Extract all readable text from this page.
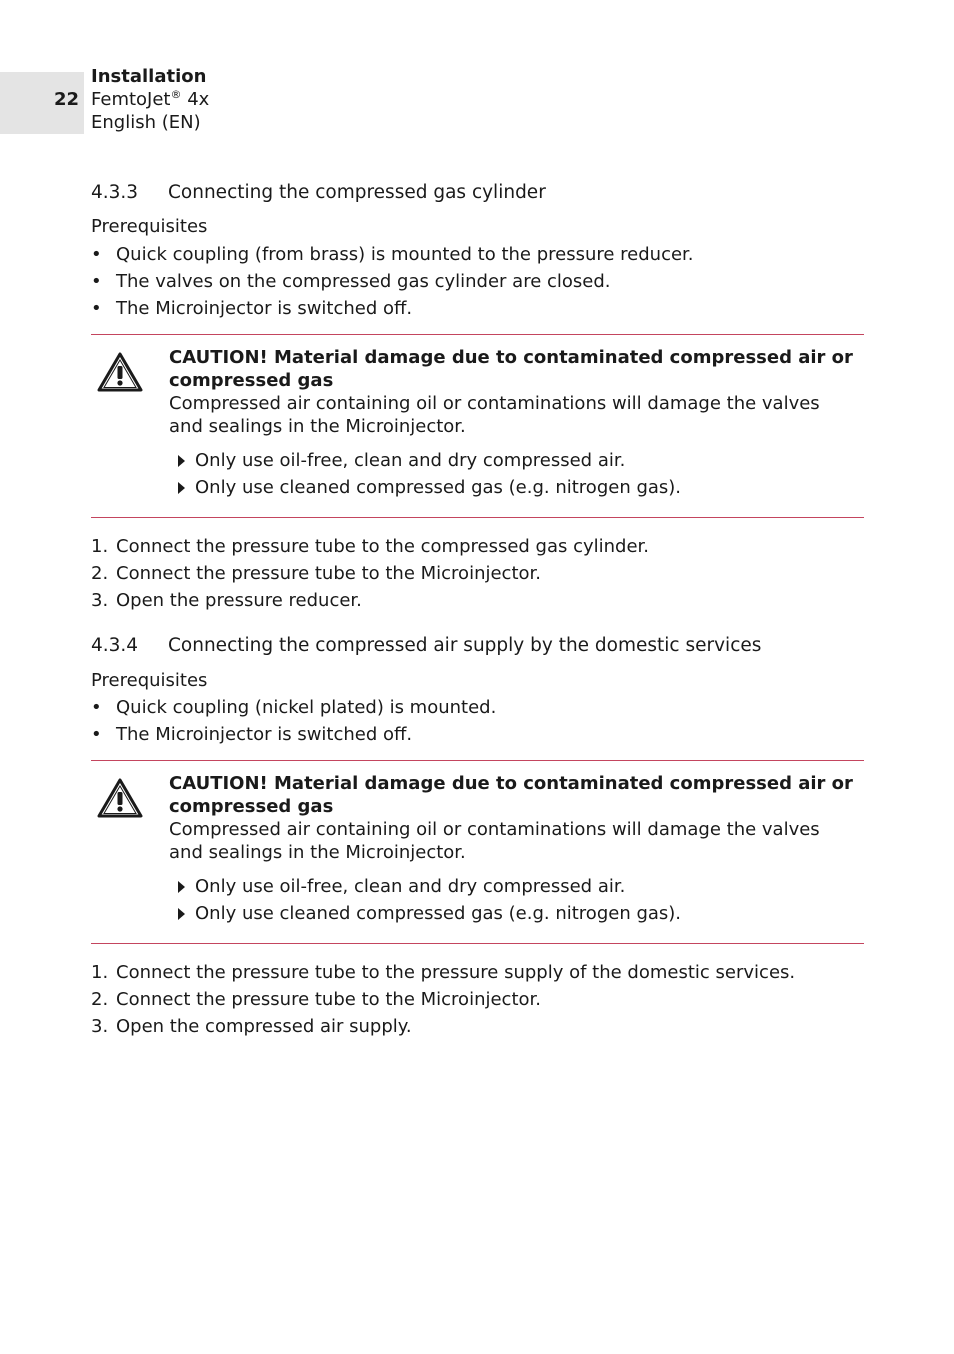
22
Installation
FemtoJet® 4x
English (EN)
4.3.3 Connecting the compressed gas cylinder
Prerequisites
• Quick coupling (from brass) is mounted to the pressure reducer.
• The valves on the compressed gas cylinder are closed.
• The Microinjector is switched off.
CAUTION! Material damage due to contaminated compressed air or compressed gas
Compressed air containing oil or contaminations will damage the valves and sealings in the Microinjector.
Only use oil-free, clean and dry compressed air.
Only use cleaned compressed gas (e.g. nitrogen gas).
1. Connect the pressure tube to the compressed gas cylinder.
2. Connect the pressure tube to the Microinjector.
3. Open the pressure reducer.
4.3.4 Connecting the compressed air supply by the domestic services
Prerequisites
• Quick coupling (nickel plated) is mounted.
• The Microinjector is switched off.
CAUTION! Material damage due to contaminated compressed air or compressed gas
Compressed air containing oil or contaminations will damage the valves and sealings in the Microinjector.
Only use oil-free, clean and dry compressed air.
Only use cleaned compressed gas (e.g. nitrogen gas).
1. Connect the pressure tube to the pressure supply of the domestic services.
2. Connect the pressure tube to the Microinjector.
3. Open the compressed air supply.
